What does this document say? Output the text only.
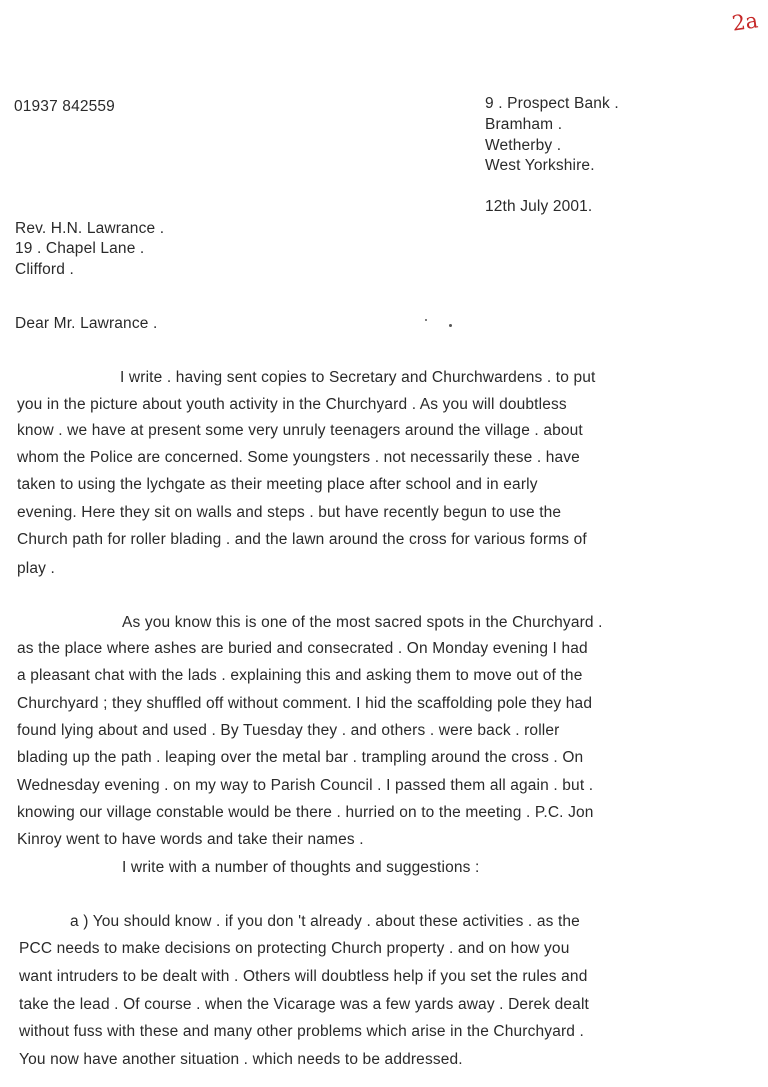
2a
01937 842559	9 . Prospect Bank .
Bramham .
Wetherby .
West Yorkshire.
12th July 2001.
Rev. H.N. Lawrance .
19 . Chapel Lane .
Clifford .
Dear Mr. Lawrance .
I write . having sent copies to Secretary and Churchwardens . to put
you in the picture about youth activity in the Churchyard . As you will doubtless
know . we have at present some very unruly teenagers around the village . about
whom the Police are concerned. Some youngsters . not necessarily these . have
taken to using the lychgate as their meeting place after school and in early
evening. Here they sit on walls and steps . but have recently begun to use the
Church path for roller blading . and the lawn around the cross for various forms of
play .
As you know this is one of the most sacred spots in the Churchyard .
as the place where ashes are buried and consecrated . On Monday evening I had
a pleasant chat with the lads . explaining this and asking them to move out of the
Churchyard ; they shuffled off without comment. I hid the scaffolding pole they had
found lying about and used . By Tuesday they . and others . were back . roller
blading up the path . leaping over the metal bar . trampling around the cross . On
Wednesday evening . on my way to Parish Council . I passed them all again . but .
knowing our village constable would be there . hurried on to the meeting . P.C. Jon
Kinroy went to have words and take their names .
I write with a number of thoughts and suggestions :
a ) You should know . if you don 't already . about these activities . as the
PCC needs to make decisions on protecting Church property . and on how you
want intruders to be dealt with . Others will doubtless help if you set the rules and
take the lead . Of course . when the Vicarage was a few yards away . Derek dealt
without fuss with these and many other problems which arise in the Churchyard .
You now have another situation . which needs to be addressed.
